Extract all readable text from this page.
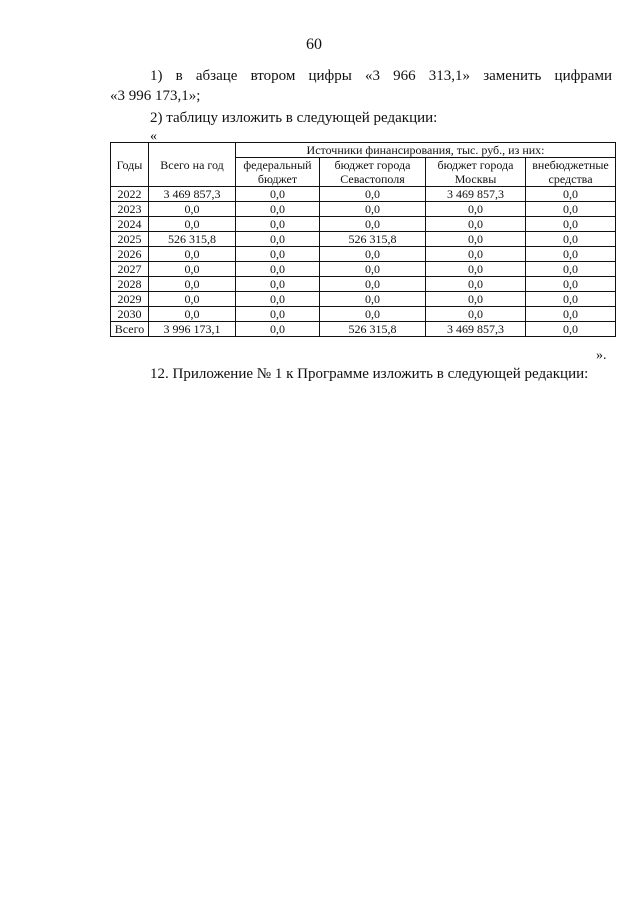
60
1) в абзаце втором цифры «3 966 313,1» заменить цифрами
«3 996 173,1»;
2) таблицу изложить в следующей редакции:
«
Годы	Всего на год	Источники финансирования, тыс. руб., из них:			
		федеральный бюджет	бюджет города Севастополя	бюджет города Москвы	внебюджетные средства
2022	3 469 857,3	0,0	0,0	3 469 857,3	0,0
2023	0,0	0,0	0,0	0,0	0,0
2024	0,0	0,0	0,0	0,0	0,0
2025	526 315,8	0,0	526 315,8	0,0	0,0
2026	0,0	0,0	0,0	0,0	0,0
2027	0,0	0,0	0,0	0,0	0,0
2028	0,0	0,0	0,0	0,0	0,0
2029	0,0	0,0	0,0	0,0	0,0
2030	0,0	0,0	0,0	0,0	0,0
Всего	3 996 173,1	0,0	526 315,8	3 469 857,3	0,0
».
12. Приложение № 1 к Программе изложить в следующей редакции:
